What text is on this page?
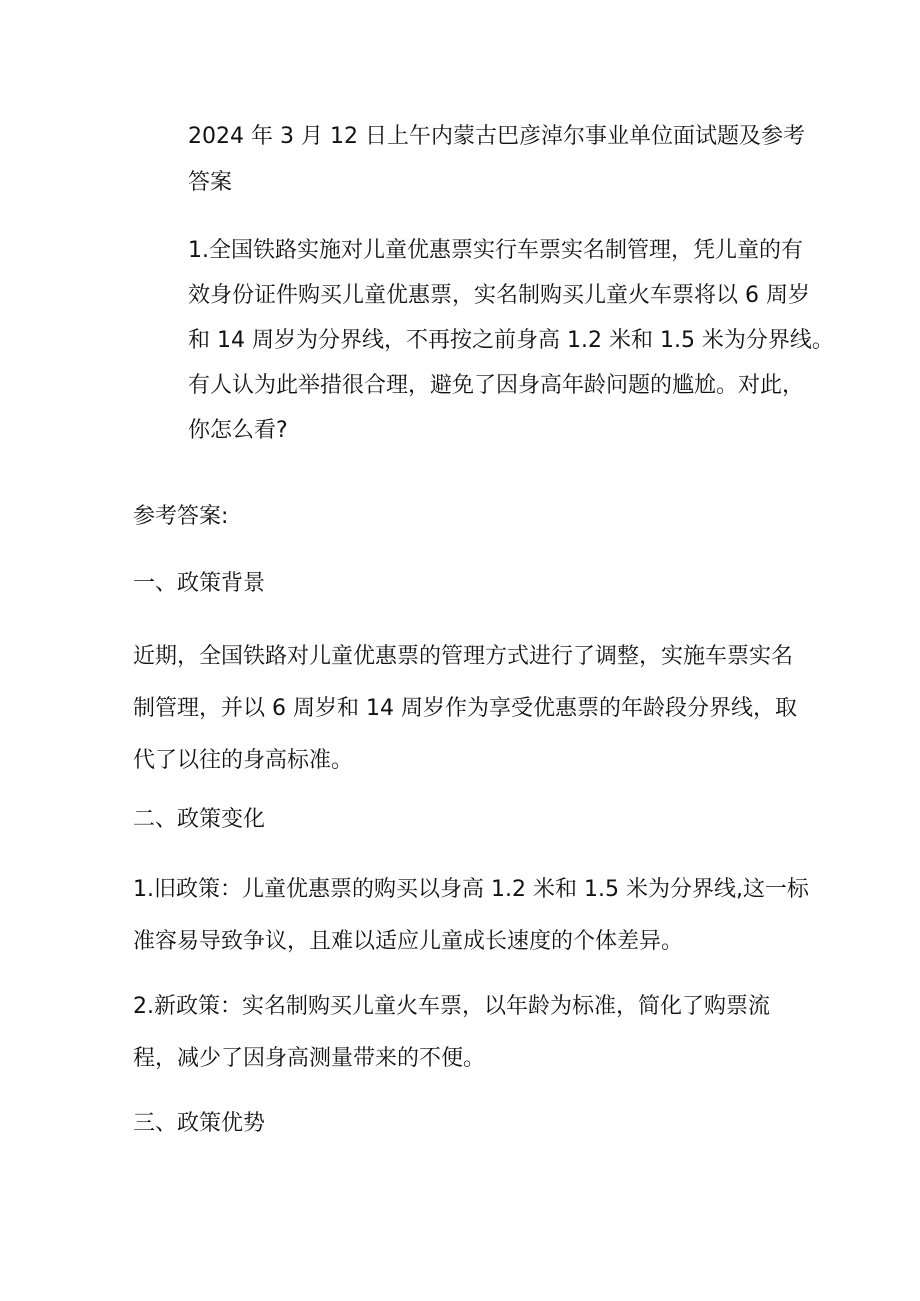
2024 年 3 月 12 日上午内蒙古巴彦淖尔事业单位面试题及参考
答案
1.全国铁路实施对儿童优惠票实行车票实名制管理，凭儿童的有
效身份证件购买儿童优惠票，实名制购买儿童火车票将以 6 周岁
和 14 周岁为分界线，不再按之前身高 1.2 米和 1.5 米为分界线。
有人认为此举措很合理，避免了因身高年龄问题的尴尬。对此，
你怎么看?
参考答案:
一、政策背景
近期，全国铁路对儿童优惠票的管理方式进行了调整，实施车票实名
制管理，并以 6 周岁和 14 周岁作为享受优惠票的年龄段分界线，取
代了以往的身高标准。
二、政策变化
1.旧政策：儿童优惠票的购买以身高 1.2 米和 1.5 米为分界线,这一标
准容易导致争议，且难以适应儿童成长速度的个体差异。
2.新政策：实名制购买儿童火车票，以年龄为标准，简化了购票流
程，减少了因身高测量带来的不便。
三、政策优势
